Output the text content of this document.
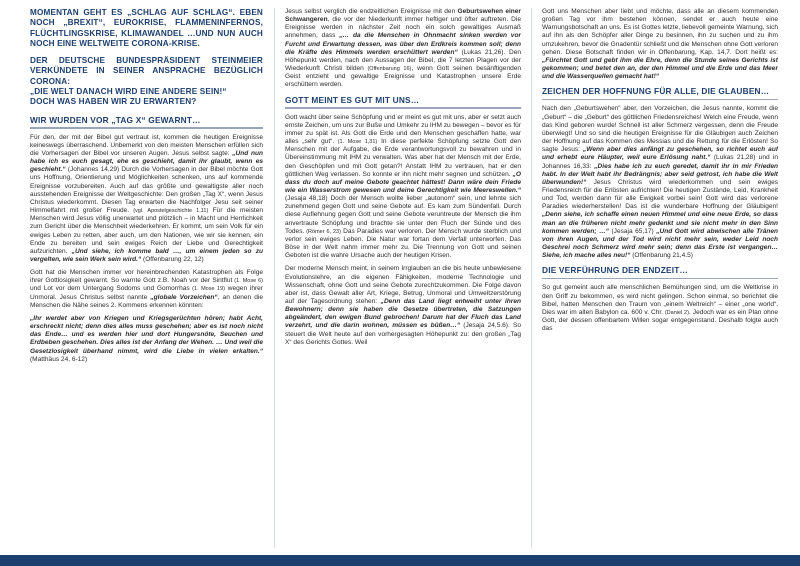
MOMENTAN GEHT ES „SCHLAG AUF SCHLAG“. EBEN NOCH „BREXIT“, EUROKRISE, FLAMMENINFERNOS, FLÜCHTLINGSKRISE, KLIMAWANDEL …UND NUN AUCH NOCH EINE WELTWEITE CORONA-KRISE.

DER DEUTSCHE BUNDESPRÄSIDENT STEINMEIER VERKÜNDETE IN SEINER ANSPRACHE BEZÜGLICH CORONA:
„DIE WELT DANACH WIRD EINE ANDERE SEIN!“
DOCH WAS HABEN WIR ZU ERWARTEN?

WIR WURDEN VOR „TAG X“ GEWARNT…

Für den, der mit der Bibel gut vertraut ist, kommen die heutigen Ereignisse keineswegs überraschend. Unbemerkt von den meisten Menschen erfüllen sich die Vorhersagen der Bibel vor unseren Augen. Jesus selbst sagte: „Und nun habe ich es euch gesagt, ehe es geschieht, damit ihr glaubt, wenn es geschieht.“ (Johannes 14,29) Durch die Vorhersagen in der Bibel möchte Gott uns Hoffnung, Orientierung und Möglichkeiten schenken, uns auf kommende Ereignisse vorzubereiten. Auch auf das größte und gewaltigste aller noch ausstehenden Ereignisse der Weltgeschichte: Den großen „Tag X“, wenn Jesus Christus wiederkommt. Diesen Tag erwarten die Nachfolger Jesu seit seiner Himmelfahrt mit großer Freude. (vgl. Apostelgeschichte 1,11) Für die meisten Menschen wird Jesus völlig unerwartet und plötzlich – in Macht und Herrlichkeit zum Gericht über die Menschheit wiederkehren. Er kommt, um sein Volk für ein ewiges Leben zu retten, aber auch, um den Nationen, wie wir sie kennen, ein Ende zu bereiten und sein ewiges Reich der Liebe und Gerechtigkeit aufzurichten. „Und siehe, ich komme bald …, um einem jeden so zu vergelten, wie sein Werk sein wird.“ (Offenbarung 22, 12)

Gott hat die Menschen immer vor hereinbrechenden Katastrophen als Folge ihrer Gottlosigkeit gewarnt. So warnte Gott z.B. Noah vor der Sintflut (1. Mose 6) und Lot vor dem Untergang Sodoms und Gomorrhas (1. Mose 19) wegen ihrer Unmoral. Jesus Christus selbst nannte „globale Vorzeichen“, an denen die Menschen die Nähe seines 2. Kommens erkennen könnten:

„Ihr werdet aber von Kriegen und Kriegsgerüchten hören; habt Acht, erschreckt nicht; denn dies alles muss geschehen; aber es ist noch nicht das Ende… und es werden hier und dort Hungersnöte, Seuchen und Erdbeben geschehen. Dies alles ist der Anfang der Wehen. … Und weil die Gesetzlosigkeit überhand nimmt, wird die Liebe in vielen erkalten.“ (Matthäus 24, 6-12)

Jesus selbst verglich die endzeitlichen Ereignisse mit den Geburtswehen einer Schwangeren, die vor der Niederkunft immer heftiger und öfter auftreten. Die Ereignisse werden in nächster Zeit noch ein solch gewaltiges Ausmaß annehmen, dass „… da die Menschen in Ohnmacht sinken werden vor Furcht und Erwartung dessen, was über den Erdkreis kommen soll; denn die Kräfte des Himmels werden erschüttert werden“ (Lukas 21,26). Den Höhepunkt werden, nach den Aussagen der Bibel, die 7 letzten Plagen vor der Wiederkunft Christi bilden (Offenbarung 16), wenn Gott seinen besänftigenden Geist entzieht und gewaltige Ereignisse und Katastrophen unsere Erde erschüttern werden.

GOTT MEINT ES GUT MIT UNS…

Gott wacht über seine Schöpfung und er meint es gut mit uns, aber er setzt auch ernste Zeichen, um uns zur Buße und Umkehr zu IHM zu bewegen – bevor es für immer zu spät ist. Als Gott die Erde und den Menschen geschaffen hatte, war alles „sehr gut“. (1. Mose 1,31) In diese perfekte Schöpfung setzte Gott den Menschen mit der Aufgabe, die Erde verantwortungsvoll zu bewahren und in Übereinstimmung mit IHM zu verwalten. Was aber hat der Mensch mit der Erde, den Geschöpfen und mit Gott getan?! Anstatt IHM zu vertrauen, hat er den göttlichen Weg verlassen. So konnte er ihn nicht mehr segnen und schützen. „O dass du doch auf meine Gebote geachtet hättest! Dann wäre dein Friede wie ein Wasserstrom gewesen und deine Gerechtigkeit wie Meereswellen.“ (Jesaja 48,18) Doch der Mensch wollte lieber „autonom“ sein, und lehnte sich zunehmend gegen Gott und seine Gebote auf. Es kam zum Sündenfall. Durch diese Auflehnung gegen Gott und seine Gebote veruntreute der Mensch die ihm anvertraute Schöpfung und brachte sie unter den Fluch der Sünde und des Todes. (Römer 6, 23) Das Paradies war verloren. Der Mensch wurde sterblich und verlor sein ewiges Leben. Die Natur war fortan dem Verfall unterworfen. Das Böse in der Welt nahm immer mehr zu. Die Trennung von Gott und seinen Geboten ist die wahre Ursache auch der heutigen Krisen.

Der moderne Mensch meint, in seinem Irrglauben an die bis heute unbewiesene Evolutionslehre, an die eigenen Fähigkeiten, moderne Technologie und Wissenschaft, ohne Gott und seine Gebote zurechtzukommen. Die Folge davon aber ist, dass Gewalt aller Art, Kriege, Betrug, Unmoral und Umweltzerstörung auf der Tagesordnung stehen: „Denn das Land liegt entweiht unter ihren Bewohnern; denn sie haben die Gesetze übertreten, die Satzungen abgeändert, den ewigen Bund gebrochen! Darum hat der Fluch das Land verzehrt, und die darin wohnen, müssen es büßen…“ (Jesaja 24,5.6). So steuert die Welt heute auf den vorhergesagten Höhepunkt zu: den großen „Tag X“ des Gerichts Gottes. Weil

Gott uns Menschen aber liebt und möchte, dass alle an diesem kommenden großen Tag vor ihm bestehen können, sendet er auch heute eine Warnungsbotschaft an uns. Es ist Gottes letzte, liebevoll gemeinte Warnung, sich auf ihn als den Schöpfer aller Dinge zu besinnen, ihn zu suchen und zu ihm umzukehren, bevor die Gnadentür schließt und die Menschen ohne Gott verloren gehen. Diese Botschaft finden wir in Offenbarung, Kap. 14,7. Dort heißt es: „Fürchtet Gott und gebt ihm die Ehre, denn die Stunde seines Gerichts ist gekommen; und betet den an, der den Himmel und die Erde und das Meer und die Wasserquellen gemacht hat!“

ZEICHEN DER HOFFNUNG FÜR ALLE, DIE GLAUBEN…

Nach den „Geburtswehen“ aber, den Vorzeichen, die Jesus nannte, kommt die „Geburt“ – die „Geburt“ des göttlichen Friedensreiches! Welch eine Freude, wenn das Kind geboren wurde! Schnell ist aller Schmerz vergessen, denn die Freude überwiegt! Und so sind die heutigen Ereignisse für die Gläubigen auch Zeichen der Hoffnung auf das Kommen des Messias und die Rettung für die Erlösten! So sagte Jesus: „Wenn aber dies anfängt zu geschehen, so richtet euch auf und erhebt eure Häupter, weil eure Erlösung naht.“ (Lukas 21,28) und in Johannes 16,33: „Dies habe ich zu euch geredet, damit ihr in mir Frieden habt. In der Welt habt ihr Bedrängnis; aber seid getrost, ich habe die Welt überwunden!“ Jesus Christus wird wiederkommen und sein ewiges Friedensreich für die Erlösten aufrichten! Die heutigen Zustände, Leid, Krankheit und Tod, werden dann für alle Ewigkeit vorbei sein! Gott wird das verlorene Paradies wiederherstellen! Das ist die wunderbare Hoffnung der Gläubigen! „Denn siehe, ich schaffe einen neuen Himmel und eine neue Erde, so dass man an die früheren nicht mehr gedenkt und sie nicht mehr in den Sinn kommen werden; …“ (Jesaja 65,17) „Und Gott wird abwischen alle Tränen von ihren Augen, und der Tod wird nicht mehr sein, weder Leid noch Geschrei noch Schmerz wird mehr sein; denn das Erste ist vergangen… Siehe, ich mache alles neu!“ (Offenbarung 21,4.5)

DIE VERFÜHRUNG DER ENDZEIT…

So gut gemeint auch alle menschlichen Bemühungen sind, um die Weltkrise in den Griff zu bekommen, es wird nicht gelingen. Schon einmal, so berichtet die Bibel, hatten Menschen den Traum von „einem Weltreich“ – einer „one world“. Dies war im alten Babylon ca. 600 v. Chr. (Daniel 2). Jedoch war es ein Plan ohne Gott, der dessen offenbartem Willen sogar entgegenstand. Deshalb folgte auch das
